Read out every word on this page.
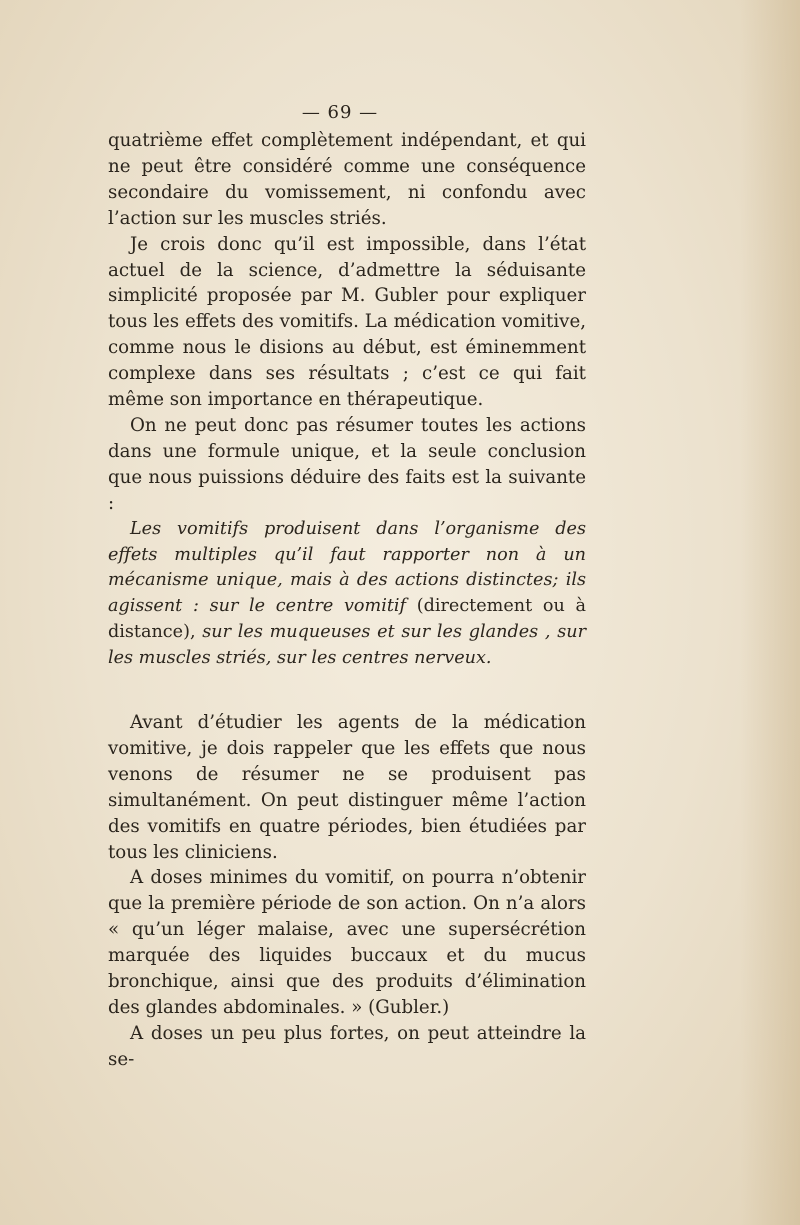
— 69 —

quatrième effet complètement indépendant, et qui ne peut être considéré comme une conséquence secondaire du vomissement, ni confondu avec l’action sur les muscles striés.

Je crois donc qu’il est impossible, dans l’état actuel de la science, d’admettre la séduisante simplicité proposée par M. Gubler pour expliquer tous les effets des vomitifs. La médication vomitive, comme nous le disions au début, est éminemment complexe dans ses résultats ; c’est ce qui fait même son importance en thérapeutique.

On ne peut donc pas résumer toutes les actions dans une formule unique, et la seule conclusion que nous puissions déduire des faits est la suivante :

Les vomitifs produisent dans l’organisme des effets multiples qu’il faut rapporter non à un mécanisme unique, mais à des actions distinctes; ils agissent : sur le centre vomitif (directement ou à distance), sur les muqueuses et sur les glandes , sur les muscles striés, sur les centres nerveux.

Avant d’étudier les agents de la médication vomitive, je dois rappeler que les effets que nous venons de résumer ne se produisent pas simultanément. On peut distinguer même l’action des vomitifs en quatre périodes, bien étudiées par tous les cliniciens.

A doses minimes du vomitif, on pourra n’obtenir que la première période de son action. On n’a alors « qu’un léger malaise, avec une supersécrétion marquée des liquides buccaux et du mucus bronchique, ainsi que des produits d’élimination des glandes abdominales. » (Gubler.)

A doses un peu plus fortes, on peut atteindre la se-
